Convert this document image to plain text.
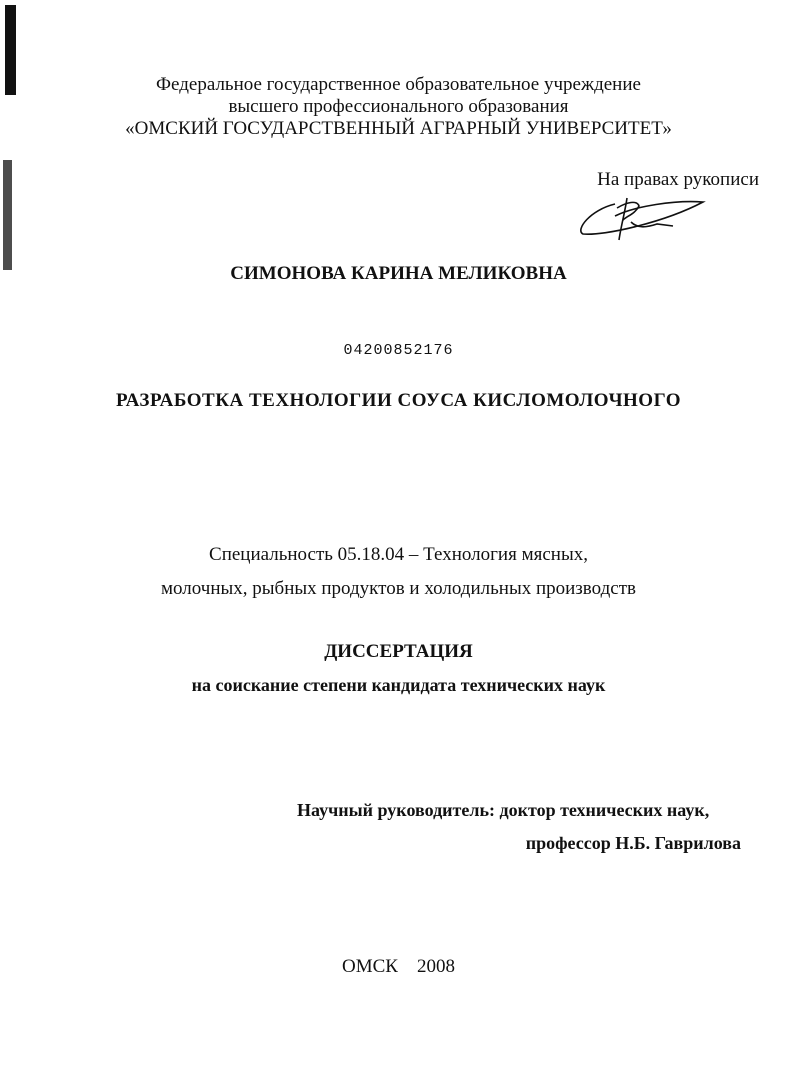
Федеральное государственное образовательное учреждение
высшего профессионального образования
«ОМСКИЙ ГОСУДАРСТВЕННЫЙ АГРАРНЫЙ УНИВЕРСИТЕТ»
На правах рукописи
СИМОНОВА КАРИНА МЕЛИКОВНА
04200852176
РАЗРАБОТКА ТЕХНОЛОГИИ СОУСА КИСЛОМОЛОЧНОГО
Специальность 05.18.04 – Технология мясных,
молочных, рыбных продуктов и холодильных производств
ДИССЕРТАЦИЯ
на соискание степени кандидата технических наук
Научный руководитель: доктор технических наук,
профессор Н.Б. Гаврилова
ОМСК    2008
